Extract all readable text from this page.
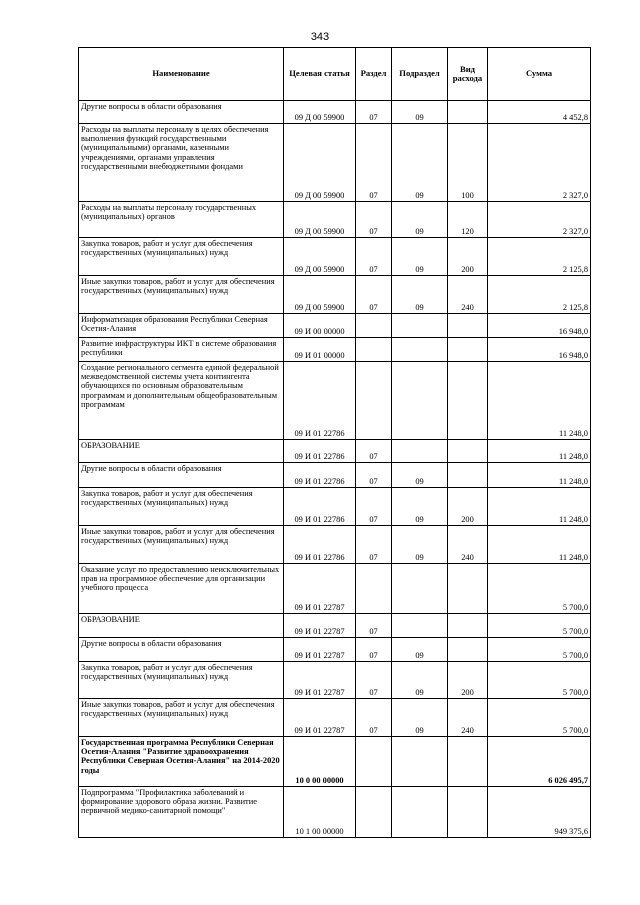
343
Наименование	Целевая статья	Раздел	Подраздел	Вид расхода	Сумма

Другие вопросы в области образования	09 Д 00 59900	07	09		4 452,8

Расходы на выплаты персоналу в целях обеспечения выполнения функций государственными (муниципальными) органами, казенными учреждениями, органами управления государственными внебюджетными фондами	09 Д 00 59900	07	09	100	2 327,0

Расходы на выплаты персоналу государственных (муниципальных) органов	09 Д 00 59900	07	09	120	2 327,0

Закупка товаров, работ и услуг для обеспечения государственных (муниципальных) нужд	09 Д 00 59900	07	09	200	2 125,8

Иные закупки товаров, работ и услуг для обеспечения государственных (муниципальных) нужд	09 Д 00 59900	07	09	240	2 125,8

Информатизация образования Республики Северная Осетия-Алания	09 И 00 00000				16 948,0

Развитие инфраструктуры ИКТ в системе образования республики	09 И 01 00000				16 948,0

Создание регионального сегмента единой федеральной межведомственной системы учета контингента обучающихся по основным образовательным программам и дополнительным общеобразовательным программам	09 И 01 22786				11 248,0

ОБРАЗОВАНИЕ	09 И 01 22786	07			11 248,0

Другие вопросы в области образования	09 И 01 22786	07	09		11 248,0

Закупка товаров, работ и услуг для обеспечения государственных (муниципальных) нужд	09 И 01 22786	07	09	200	11 248,0

Иные закупки товаров, работ и услуг для обеспечения государственных (муниципальных) нужд	09 И 01 22786	07	09	240	11 248,0

Оказание услуг по предоставлению неисключительных прав на программное обеспечение для организации учебного процесса	09 И 01 22787				5 700,0

ОБРАЗОВАНИЕ	09 И 01 22787	07			5 700,0

Другие вопросы в области образования	09 И 01 22787	07	09		5 700,0

Закупка товаров, работ и услуг для обеспечения государственных (муниципальных) нужд	09 И 01 22787	07	09	200	5 700,0

Иные закупки товаров, работ и услуг для обеспечения государственных (муниципальных) нужд	09 И 01 22787	07	09	240	5 700,0

Государственная программа Республики Северная Осетия-Алания "Развитие здравоохранения Республики Северная Осетия-Алания" на 2014-2020 годы	10 0 00 00000				6 026 495,7

Подпрограмма "Профилактика заболеваний и формирование здорового образа жизни. Развитие первичной медико-санитарной помощи"	10 1 00 00000				949 375,6
